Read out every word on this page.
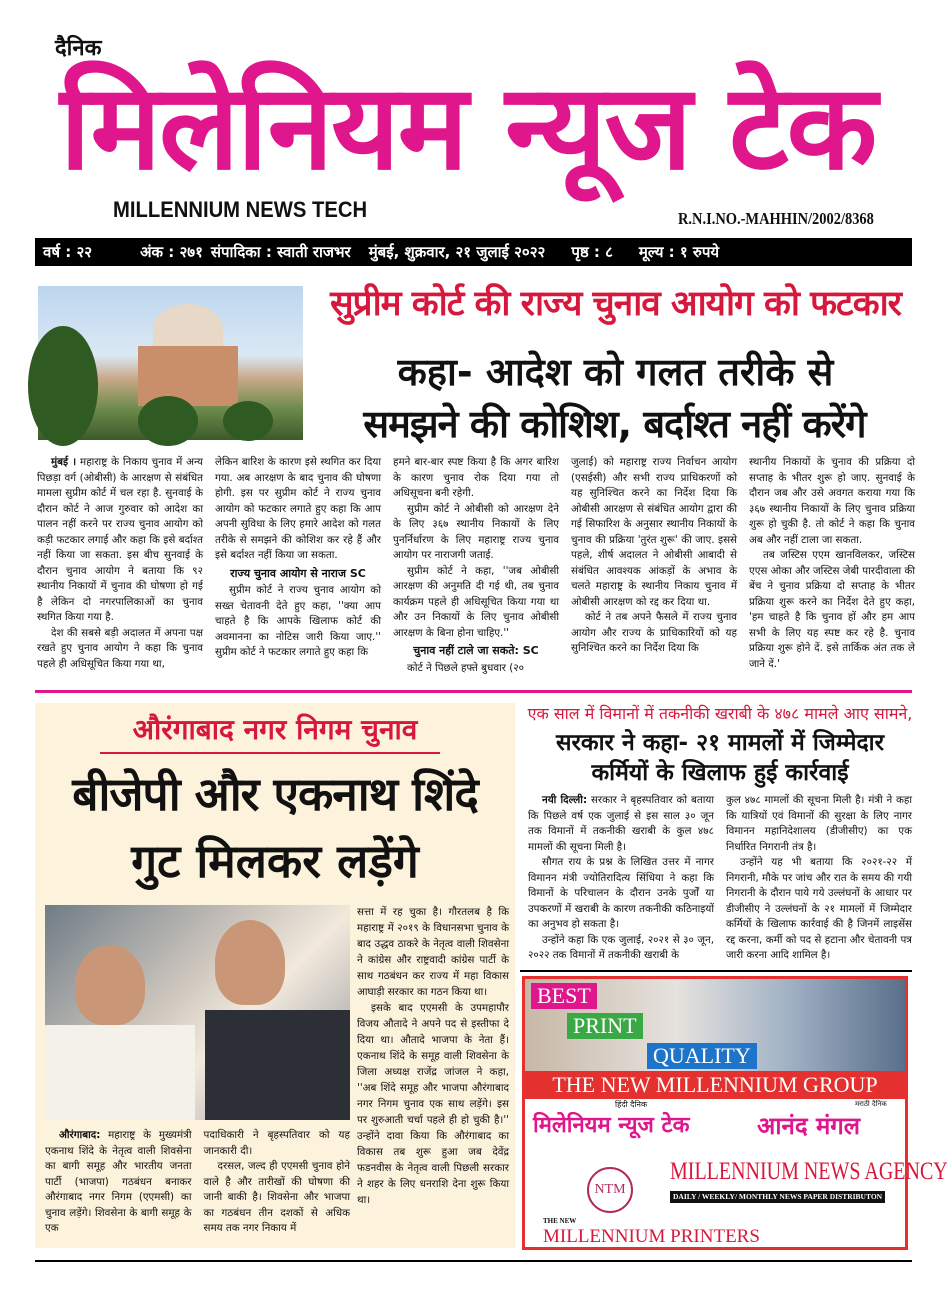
दैनिक
मिलेनियम न्यूज टेक
MILLENNIUM NEWS TECH	R.N.I.NO.-MAHHIN/2002/8368
वर्ष : २२	अंक : २७१ संपादिका : स्वाती राजभर मुंबई, शुक्रवार, २१ जुलाई २०२२ पृष्ठ : ८ मूल्य : १ रुपये
सुप्रीम कोर्ट की राज्य चुनाव आयोग को फटकार
कहा- आदेश को गलत तरीके से
समझने की कोशिश, बर्दाश्त नहीं करेंगे

मुंबई । महाराष्ट्र के निकाय चुनाव में अन्य पिछड़ा वर्ग (ओबीसी) के आरक्षण से संबंधित मामला सुप्रीम कोर्ट में चल रहा है. सुनवाई के दौरान कोर्ट ने आज गुरुवार को आदेश का पालन नहीं करने पर राज्य चुनाव आयोग को कड़ी फटकार लगाई और कहा कि इसे बर्दाश्त नहीं किया जा सकता. इस बीच सुनवाई के दौरान चुनाव आयोग ने बताया कि ९२ स्थानीय निकायों में चुनाव की घोषणा हो गई है लेकिन दो नगरपालिकाओं का चुनाव स्थगित किया गया है.

देश की सबसे बड़ी अदालत में अपना पक्ष रखते हुए चुनाव आयोग ने कहा कि चुनाव पहले ही अधिसूचित किया गया था,

लेकिन बारिश के कारण इसे स्थगित कर दिया गया. अब आरक्षण के बाद चुनाव की घोषणा होगी. इस पर सुप्रीम कोर्ट ने राज्य चुनाव आयोग को फटकार लगाते हुए कहा कि आप अपनी सुविधा के लिए हमारे आदेश को गलत तरीके से समझने की कोशिश कर रहे हैं और इसे बर्दाश्त नहीं किया जा सकता.

राज्य चुनाव आयोग से नाराज SC

सुप्रीम कोर्ट ने राज्य चुनाव आयोग को सख्त चेतावनी देते हुए कहा, ''क्या आप चाहते है कि आपके खिलाफ कोर्ट की अवमानना का नोटिस जारी किया जाए.'' सुप्रीम कोर्ट ने फटकार लगाते हुए कहा कि

हमने बार-बार स्पष्ट किया है कि अगर बारिश के कारण चुनाव रोक दिया गया तो अधिसूचना बनी रहेगी.

सुप्रीम कोर्ट ने ओबीसी को आरक्षण देने के लिए ३६७ स्थानीय निकायों के लिए पुनर्निर्धारण के लिए महाराष्ट्र राज्य चुनाव आयोग पर नाराजगी जताई.

सुप्रीम कोर्ट ने कहा, ''जब ओबीसी आरक्षण की अनुमति दी गई थी, तब चुनाव कार्यक्रम पहले ही अधिसूचित किया गया था और उन निकायों के लिए चुनाव ओबीसी आरक्षण के बिना होना चाहिए.''

चुनाव नहीं टाले जा सकते: SC

कोर्ट ने पिछले हफ्ते बुधवार (२०

जुलाई) को महाराष्ट्र राज्य निर्वाचन आयोग (एसईसी) और सभी राज्य प्राधिकरणों को यह सुनिश्चित करने का निर्देश दिया कि ओबीसी आरक्षण से संबंधित आयोग द्वारा की गई सिफारिश के अनुसार स्थानीय निकायों के चुनाव की प्रक्रिया 'तुरंत शुरू' की जाए. इससे पहले, शीर्ष अदालत ने ओबीसी आबादी से संबंधित आवश्यक आंकड़ों के अभाव के चलते महाराष्ट्र के स्थानीय निकाय चुनाव में ओबीसी आरक्षण को रद्द कर दिया था.

कोर्ट ने तब अपने फैसले में राज्य चुनाव आयोग और राज्य के प्राधिकारियों को यह सुनिश्चित करने का निर्देश दिया कि

स्थानीय निकायों के चुनाव की प्रक्रिया दो सप्ताह के भीतर शुरू हो जाए. सुनवाई के दौरान जब और उसे अवगत कराया गया कि ३६७ स्थानीय निकायों के लिए चुनाव प्रक्रिया शुरू हो चुकी है. तो कोर्ट ने कहा कि चुनाव अब और नहीं टाला जा सकता.

तब जस्टिस एएम खानविलकर, जस्टिस एएस ओका और जस्टिस जेबी पारदीवाला की बेंच ने चुनाव प्रक्रिया दो सप्ताह के भीतर प्रक्रिया शुरू करने का निर्देश देते हुए कहा, 'हम चाहते है कि चुनाव हों और हम आप सभी के लिए यह स्पष्ट कर रहे है. चुनाव प्रक्रिया शुरू होने दें. इसे तार्किक अंत तक ले जाने दें.'

औरंगाबाद नगर निगम चुनाव
बीजेपी और एकनाथ शिंदे
गुट मिलकर लड़ेंगे

सत्ता में रह चुका है। गौरतलब है कि महाराष्ट्र में २०१९ के विधानसभा चुनाव के बाद उद्धव ठाकरे के नेतृत्व वाली शिवसेना ने कांग्रेस और राष्ट्रवादी कांग्रेस पार्टी के साथ गठबंधन कर राज्य में महा विकास आघाड़ी सरकार का गठन किया था।

इसके बाद एएमसी के उपमहापौर विजय औतादे ने अपने पद से इस्तीफा दे दिया था। औतादे भाजपा के नेता हैं। एकनाथ शिंदे के समूह वाली शिवसेना के जिला अध्यक्ष राजेंद्र जांजल ने कहा, ''अब शिंदे समूह और भाजपा औरंगाबाद नगर निगम चुनाव एक साथ लड़ेंगे। इस पर शुरुआती चर्चा पहले ही हो चुकी है।'' उन्होंने दावा किया कि औरंगाबाद का विकास तब शुरू हुआ जब देवेंद्र फडनवीस के नेतृत्व वाली पिछली सरकार ने शहर के लिए धनराशि देना शुरू किया था।

औरंगाबाद: महाराष्ट्र के मुख्यमंत्री एकनाथ शिंदे के नेतृत्व वाली शिवसेना का बागी समूह और भारतीय जनता पार्टी (भाजपा) गठबंधन बनाकर औरंगाबाद नगर निगम (एएमसी) का चुनाव लड़ेंगे। शिवसेना के बागी समूह के एक

पदाधिकारी ने बृहस्पतिवार को यह जानकारी दी।

दरसल, जल्द ही एएमसी चुनाव होने वाले है और तारीखों की घोषणा की जानी बाकी है। शिवसेना और भाजपा का गठबंधन तीन दशकों से अधिक समय तक नगर निकाय में

एक साल में विमानों में तकनीकी खराबी के ४७८ मामले आए सामने,
सरकार ने कहा- २१ मामलों में जिम्मेदार
कर्मियों के खिलाफ हुई कार्रवाई

नयी दिल्ली: सरकार ने बृहस्पतिवार को बताया कि पिछले वर्ष एक जुलाई से इस साल ३० जून तक विमानों में तकनीकी खराबी के कुल ४७८ मामलों की सूचना मिली है।

सौगत राय के प्रश्न के लिखित उत्तर में नागर विमानन मंत्री ज्योतिरादित्य सिंधिया ने कहा कि विमानों के परिचालन के दौरान उनके पुर्जों या उपकरणों में खराबी के कारण तकनीकी कठिनाइयों का अनुभव हो सकता है।

उन्होंने कहा कि एक जुलाई, २०२१ से ३० जून, २०२२ तक विमानों में तकनीकी खराबी के

कुल ४७८ मामलों की सूचना मिली है। मंत्री ने कहा कि यात्रियों एवं विमानों की सुरक्षा के लिए नागर विमानन महानिदेशालय (डीजीसीए) का एक निर्धारित निगरानी तंत्र है।

उन्होंने यह भी बताया कि २०२१-२२ में निगरानी, मौके पर जांच और रात के समय की गयी निगरानी के दौरान पाये गये उल्लंघनों के आधार पर डीजीसीए ने उल्लंघनों के २१ मामलों में जिम्मेदार कर्मियों के खिलाफ कार्रवाई की है जिनमें लाइसेंस रद्द करना, कर्मी को पद से हटाना और चेतावनी पत्र जारी करना आदि शामिल है।

BEST
PRINT
QUALITY
THE NEW MILLENNIUM GROUP
हिंदी दैनिक
मिलेनियम न्यूज टेक
मराठी दैनिक
आनंद मंगल
NTM
MILLENNIUM NEWS AGENCY
DAILY / WEEKLY/ MONTHLY NEWS PAPER DISTRIBUTON
THE NEW
MILLENNIUM PRINTERS
